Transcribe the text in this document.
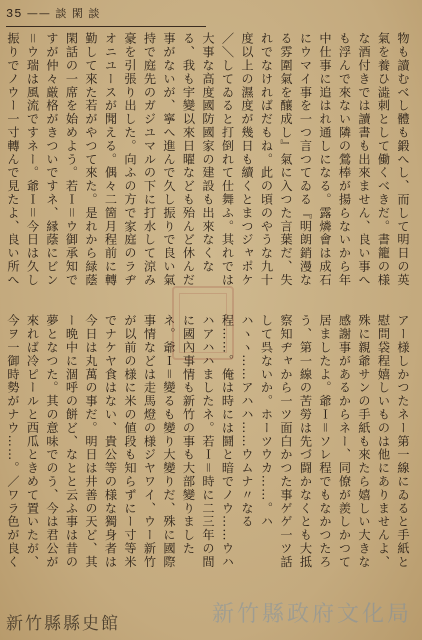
35 —— 談 閑 談
物も讀むべし體も鍛へし、而して明日の英氣を養ひ澁刺として働くべきだ。書籠の様な酒付きでは讀書も出來ません、良い事へも浮んで來ない隣の鶯棒が揚らないから年中仕事に追はれ通しになる。露燐會は成石にウマイ事を一つ言つてゐる『明朗銷漫なる雰圍氣を釀成し』氣に入つた言葉だ、失れでなければだもね。此の頃のやうな九十度以上の濕度が幾日も續くとまつジャポケ／＼してゐると打倒れて仕舞ふ。其れでは大事な高度國防國家の建設も出來なくなる、我も宇變以來日曜なども殆んど休んだ事がないが、寧へ進んで久し振りで良い氣持で庭先のガジユマルの下に打水して涼み豪を引張り出した。向ふの方で家庭のラヂオニユースが聞える。偶々二箇月程前に轉勤して來た若がやつて來た。是れから緑蔭閑話の一席を始めよう。若Ｉ＝ウ御承知ですが仲々厳格がきついですネ、縁蔭にビン＝ウ瑞は風流ですネー。爺Ｉ＝今日は久し振りでノウー一寸轉んで見たよ、良い所へ
アー様しかつたネー第一線にゐると手紙と慰問袋程嬉しいものは他にありませんよ、殊に親爺サンの手紙も來たら嬉しい大きな感謝事があるからネー、同僚が羨しかつて居ましたよ。爺Ｉ＝ソレ程でもなかつたろう、第一線の苦勞は先づ闘かなくとも大抵察知ヂャから一ツ面白かつた事ゲゲ一ツ話して呉ないか。ホーツウカ……。ハハヽヽ……アハハ……ウムナ〃なる程……。俺は時には鬪と暗でノウ……ウハハアハハましたネ。若Ｉ＝時に二三年の間に國內事情も新竹の事も大部變りましたネ。爺Ｉ＝變るも變り大變りだ、殊に國際事情などは走馬燈の様ジヤワイ、ウー新竹が以前の様に米の値段も知らずにー寸等米でナケヤ食はない、貴公等の様な獨身者は今日は丸萬の事だ。明日は井善の天ど、其ー晩中に涸呼の餅ど、なとと云ふ事は昔の夢となつた。其の意味でのう、今は君公が來れば冷ピールと西瓜ときめて置いたが、今ヲ一御時勢がナウ……。／ワラ色が良く
新竹縣政府文化局
新竹縣縣史館
